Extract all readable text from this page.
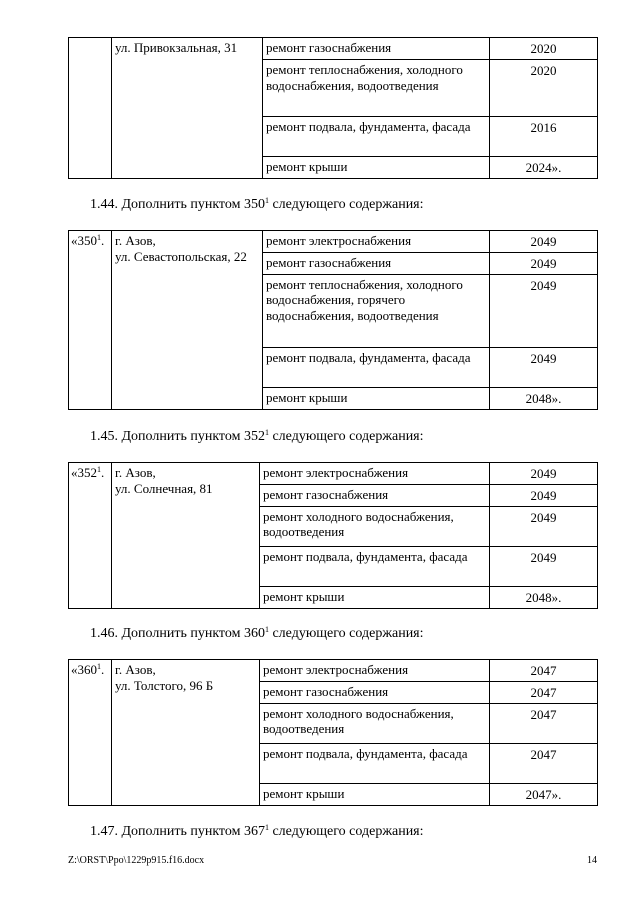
	ул. Привокзальная, 31	ремонт газоснабжения	2020
		ремонт теплоснабжения, холодного водоснабжения, водоотведения	2020
		ремонт подвала, фундамента, фасада	2016
		ремонт крыши	2024».

1.44. Дополнить пунктом $350^1$ следующего содержания:

«$350^1$.	г. Азов,
ул. Севастопольская, 22	ремонт электроснабжения	2049
		ремонт газоснабжения	2049
		ремонт теплоснабжения, холодного водоснабжения, горячего водоснабжения, водоотведения	2049
		ремонт подвала, фундамента, фасада	2049
		ремонт крыши	2048».

1.45. Дополнить пунктом $352^1$ следующего содержания:

«$352^1$.	г. Азов,
ул. Солнечная, 81	ремонт электроснабжения	2049
		ремонт газоснабжения	2049
		ремонт холодного водоснабжения, водоотведения	2049
		ремонт подвала, фундамента, фасада	2049
		ремонт крыши	2048».

1.46. Дополнить пунктом $360^1$ следующего содержания:

«$360^1$.	г. Азов,
ул. Толстого, 96 Б	ремонт электроснабжения	2047
		ремонт газоснабжения	2047
		ремонт холодного водоснабжения, водоотведения	2047
		ремонт подвала, фундамента, фасада	2047
		ремонт крыши	2047».

1.47. Дополнить пунктом $367^1$ следующего содержания:

Z:\ORST\Ppo\1229p915.f16.docx	14
